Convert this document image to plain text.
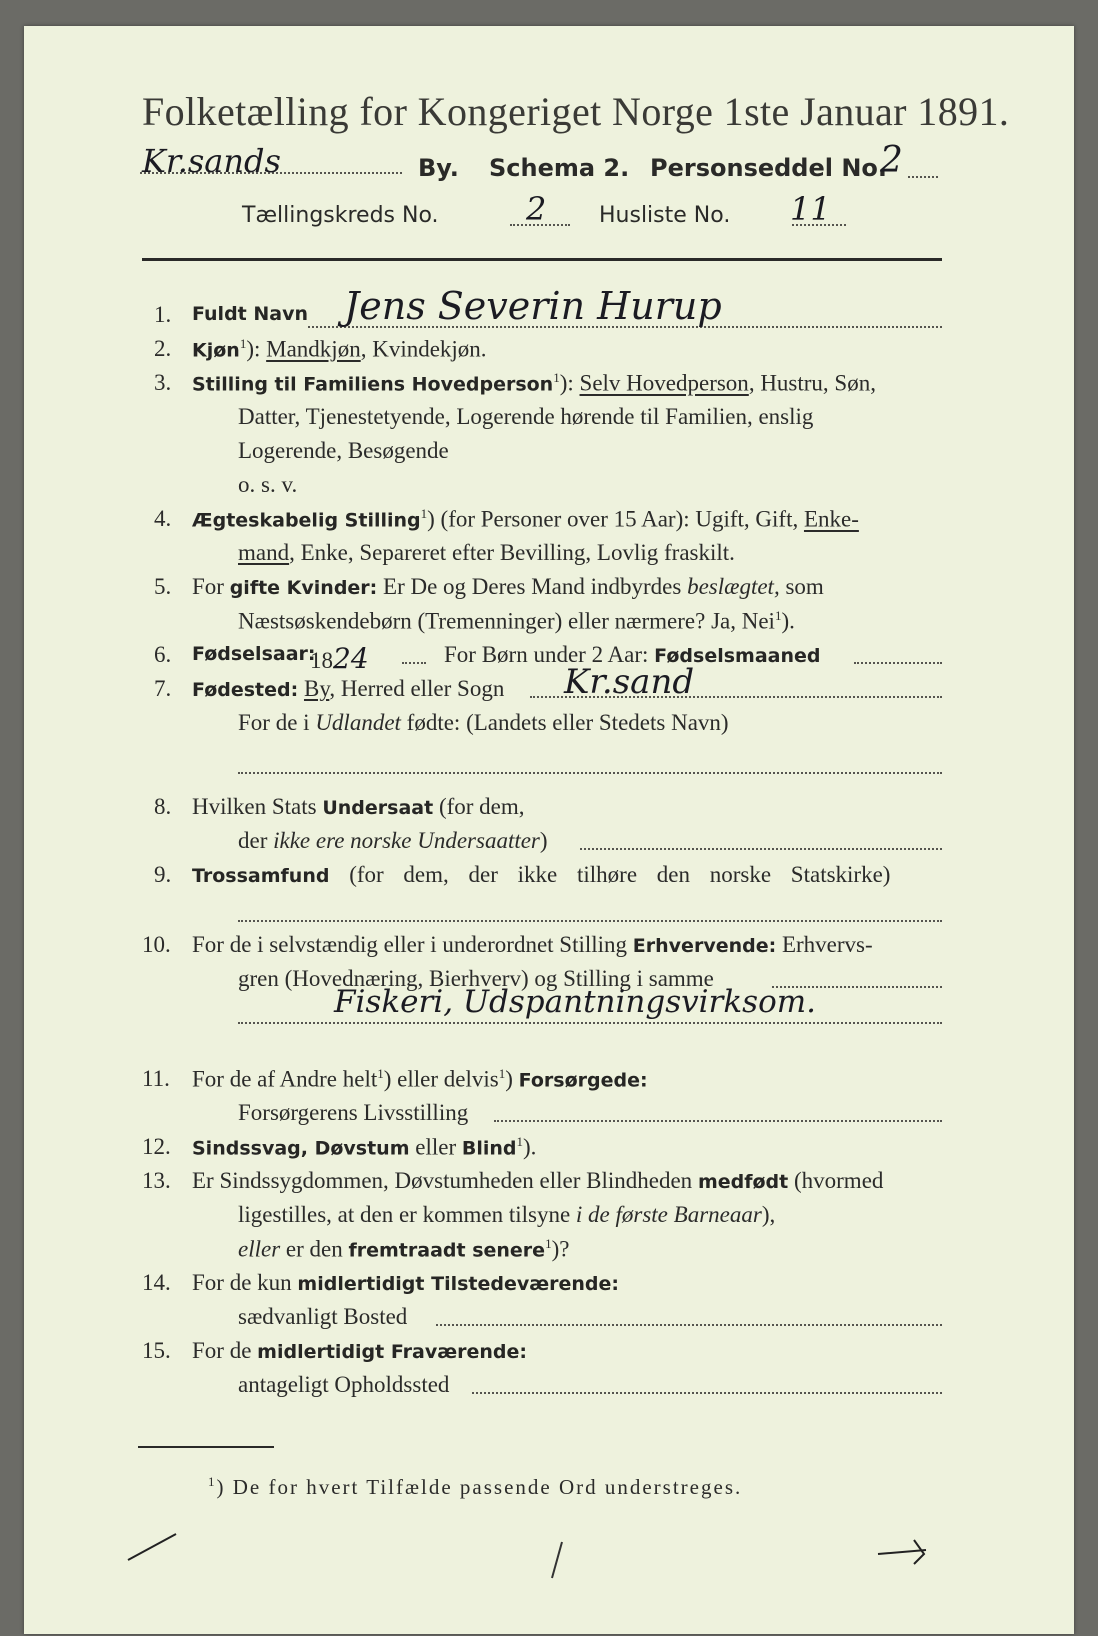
Folketælling for Kongeriget Norge 1ste Januar 1891.
Kr.sands	By. Schema 2. Personseddel No.
2
Tællingskreds No.	2 Husliste No. 11
1. Fuldt Navn Jens Severin Hurup
2. Kjøn$^1$): Mandkjøn, Kvindekjøn.
3. Stilling til Familiens Hovedperson$^1$): Selv Hovedperson, Hustru, Søn,
Datter, Tjenestetyende, Logerende hørende til Familien, enslig
Logerende, Besøgende
o. s. v.
4. Ægteskabelig Stilling$^1$) (for Personer over 15 Aar): Ugift, Gift, Enke-
mand, Enke, Separeret efter Bevilling, Lovlig fraskilt.
5. For gifte Kvinder: Er De og Deres Mand indbyrdes beslægtet, som
Næstsøskendebørn (Tremenninger) eller nærmere? Ja, Nei$^1$).
6. Fødselsaar:
1824	For Børn under 2 Aar: Fødselsmaaned
7. Fødested: By, Herred eller Sogn Kr.sand
For de i Udlandet fødte: (Landets eller Stedets Navn)
8. Hvilken Stats Undersaat (for dem,
der ikke ere norske Undersaatter)
9. Trossamfund (for dem, der ikke tilhøre den norske Statskirke)
10. For de i selvstændig eller i underordnet Stilling Erhvervende: Erhvervs-
gren (Hovednæring, Bierhverv) og Stilling i samme
Fiskeri, Udspantningsvirksom.
11. For de af Andre helt$^1$) eller delvis$^1$) Forsørgede:
Forsørgerens Livsstilling
12. Sindssvag, Døvstum eller Blind$^1$).
13. Er Sindssygdommen, Døvstumheden eller Blindheden medfødt (hvormed
ligestilles, at den er kommen tilsyne i de første Barneaar),
eller er den fremtraadt senere$^1$)?
14. For de kun midlertidigt Tilstedeværende:
sædvanligt Bosted
15. For de midlertidigt Fraværende:
antageligt Opholdssted
$^1$) De for hvert Tilfælde passende Ord understreges.
